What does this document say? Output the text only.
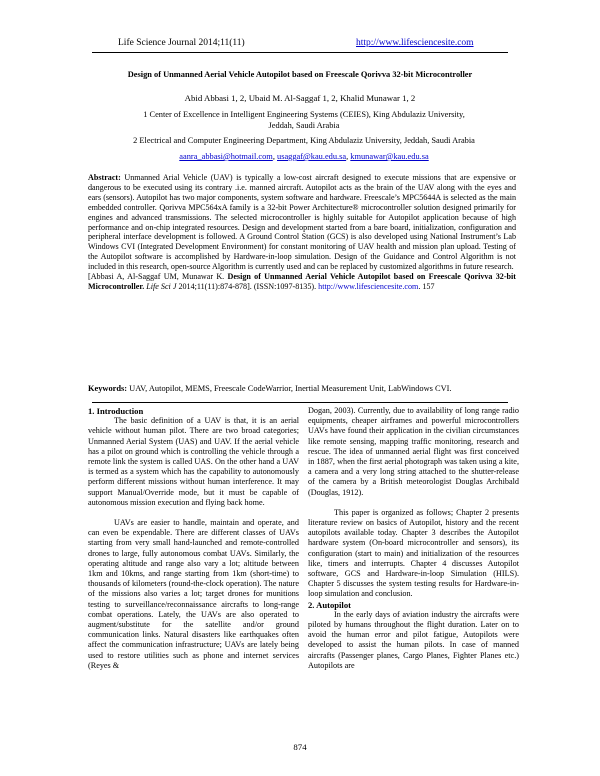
Life Science Journal 2014;11(11)	http://www.lifesciencesite.com
Design of Unmanned Aerial Vehicle Autopilot based on Freescale Qorivva 32-bit Microcontroller
Abid Abbasi 1, 2, Ubaid M. Al-Saggaf 1, 2, Khalid Munawar 1, 2
1 Center of Excellence in Intelligent Engineering Systems (CEIES), King Abdulaziz University,
Jeddah, Saudi Arabia
2 Electrical and Computer Engineering Department, King Abdulaziz University, Jeddah, Saudi Arabia
aanra_abbasi@hotmail.com, usaggaf@kau.edu.sa, kmunawar@kau.edu.sa

Abstract: Unmanned Arial Vehicle (UAV) is typically a low-cost aircraft designed to execute missions that are expensive or dangerous to be executed using its contrary .i.e. manned aircraft. Autopilot acts as the brain of the UAV along with the eyes and ears (sensors). Autopilot has two major components, system software and hardware. Freescale’s MPC5644A is selected as the main embedded controller. Qorivva MPC564xA family is a 32-bit Power Architecture® microcontroller solution designed primarily for engines and advanced transmissions. The selected microcontroller is highly suitable for Autopilot application because of high performance and on-chip integrated resources. Design and development started from a bare board, initialization, configuration and peripheral interface development is followed. A Ground Control Station (GCS) is also developed using National Instrument’s Lab Windows CVI (Integrated Development Environment) for constant monitoring of UAV health and mission plan upload. Testing of the Autopilot software is accomplished by Hardware-in-loop simulation. Design of the Guidance and Control Algorithm is not included in this research, open-source Algorithm is currently used and can be replaced by customized algorithms in future research.

[Abbasi A, Al-Saggaf UM, Munawar K. Design of Unmanned Aerial Vehicle Autopilot based on Freescale Qorivva 32-bit Microcontroller. Life Sci J 2014;11(11):874-878]. (ISSN:1097-8135). http://www.lifesciencesite.com. 157

Keywords: UAV, Autopilot, MEMS, Freescale CodeWarrior, Inertial Measurement Unit, LabWindows CVI.

1. Introduction

The basic definition of a UAV is that, it is an aerial vehicle without human pilot. There are two broad categories; Unmanned Aerial System (UAS) and UAV. If the aerial vehicle has a pilot on ground which is controlling the vehicle through a remote link the system is called UAS. On the other hand a UAV is termed as a system which has the capability to autonomously perform different missions without human interference. It may support Manual/Override mode, but it must be capable of autonomous mission execution and flying back home.

UAVs are easier to handle, maintain and operate, and can even be expendable. There are different classes of UAVs starting from very small hand-launched and remote-controlled drones to large, fully autonomous combat UAVs. Similarly, the operating altitude and range also vary a lot; altitude between 1km and 10kms, and range starting from 1km (short-time) to thousands of kilometers (round-the-clock operation). The nature of the missions also varies a lot; target drones for munitions testing to surveillance/reconnaissance aircrafts to long-range combat operations. Lately, the UAVs are also operated to augment/substitute for the satellite and/or ground communication links. Natural disasters like earthquakes often affect the communication infrastructure; UAVs are lately being used to restore utilities such as phone and internet services (Reyes &

Dogan, 2003). Currently, due to availability of long range radio equipments, cheaper airframes and powerful microcontrollers UAVs have found their application in the civilian circumstances like remote sensing, mapping traffic monitoring, research and rescue. The idea of unmanned aerial flight was first conceived in 1887, when the first aerial photograph was taken using a kite, a camera and a very long string attached to the shutter-release of the camera by a British meteorologist Douglas Archibald (Douglas, 1912).

This paper is organized as follows; Chapter 2 presents literature review on basics of Autopilot, history and the recent autopilots available today. Chapter 3 describes the Autopilot hardware system (On-board microcontroller and sensors), its configuration (start to main) and initialization of the resources like, timers and interrupts. Chapter 4 discusses Autopilot software, GCS and Hardware-in-loop Simulation (HILS). Chapter 5 discusses the system testing results for Hardware-in-loop simulation and conclusion.

2. Autopilot

In the early days of aviation industry the aircrafts were piloted by humans throughout the flight duration. Later on to avoid the human error and pilot fatigue, Autopilots were developed to assist the human pilots. In case of manned aircrafts (Passenger planes, Cargo Planes, Fighter Planes etc.) Autopilots are

874
